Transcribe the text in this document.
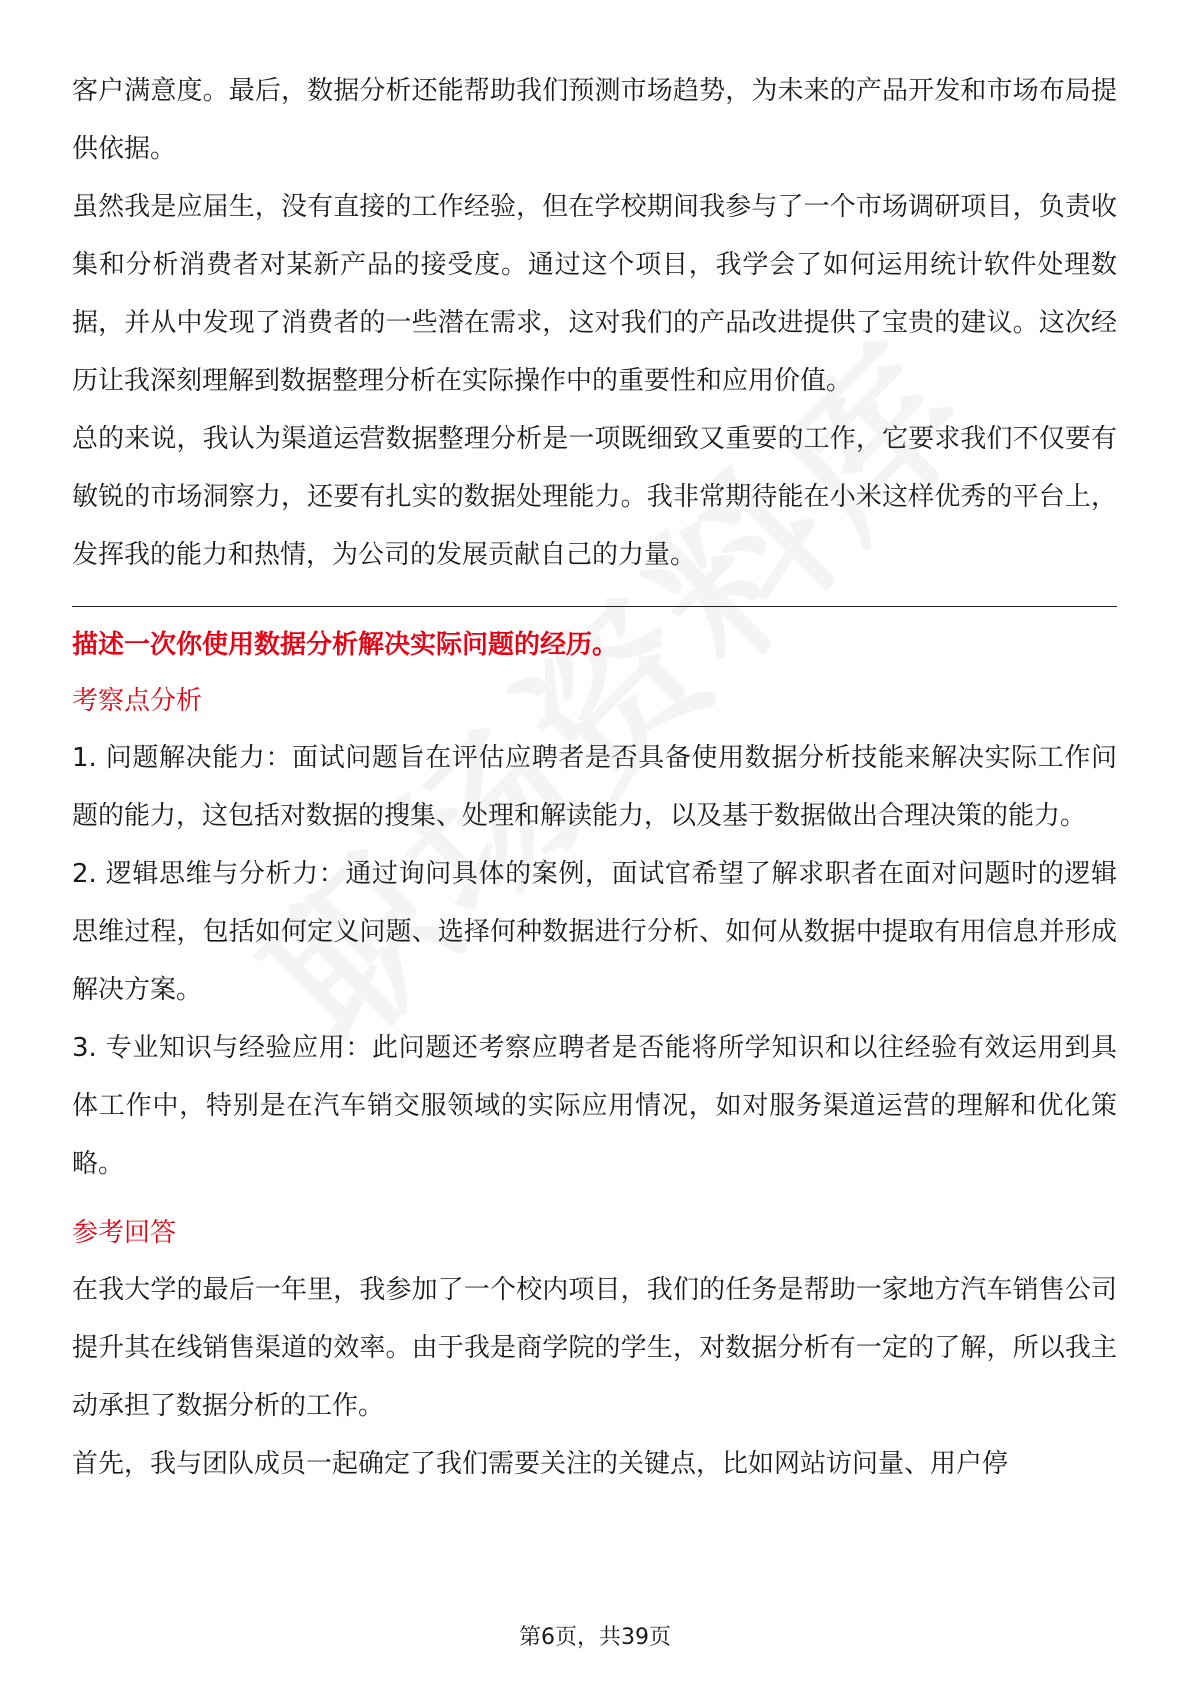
客户满意度。最后，数据分析还能帮助我们预测市场趋势，为未来的产品开发和市场布局提供依据。

虽然我是应届生，没有直接的工作经验，但在学校期间我参与了一个市场调研项目，负责收集和分析消费者对某新产品的接受度。通过这个项目，我学会了如何运用统计软件处理数据，并从中发现了消费者的一些潜在需求，这对我们的产品改进提供了宝贵的建议。这次经历让我深刻理解到数据整理分析在实际操作中的重要性和应用价值。

总的来说，我认为渠道运营数据整理分析是一项既细致又重要的工作，它要求我们不仅要有敏锐的市场洞察力，还要有扎实的数据处理能力。我非常期待能在小米这样优秀的平台上，发挥我的能力和热情，为公司的发展贡献自己的力量。

描述一次你使用数据分析解决实际问题的经历。

考察点分析

1. 问题解决能力：面试问题旨在评估应聘者是否具备使用数据分析技能来解决实际工作问题的能力，这包括对数据的搜集、处理和解读能力，以及基于数据做出合理决策的能力。

2. 逻辑思维与分析力：通过询问具体的案例，面试官希望了解求职者在面对问题时的逻辑思维过程，包括如何定义问题、选择何种数据进行分析、如何从数据中提取有用信息并形成解决方案。

3. 专业知识与经验应用：此问题还考察应聘者是否能将所学知识和以往经验有效运用到具体工作中，特别是在汽车销交服领域的实际应用情况，如对服务渠道运营的理解和优化策略。

参考回答

在我大学的最后一年里，我参加了一个校内项目，我们的任务是帮助一家地方汽车销售公司提升其在线销售渠道的效率。由于我是商学院的学生，对数据分析有一定的了解，所以我主动承担了数据分析的工作。

首先，我与团队成员一起确定了我们需要关注的关键点，比如网站访问量、用户停

第6页，共39页
